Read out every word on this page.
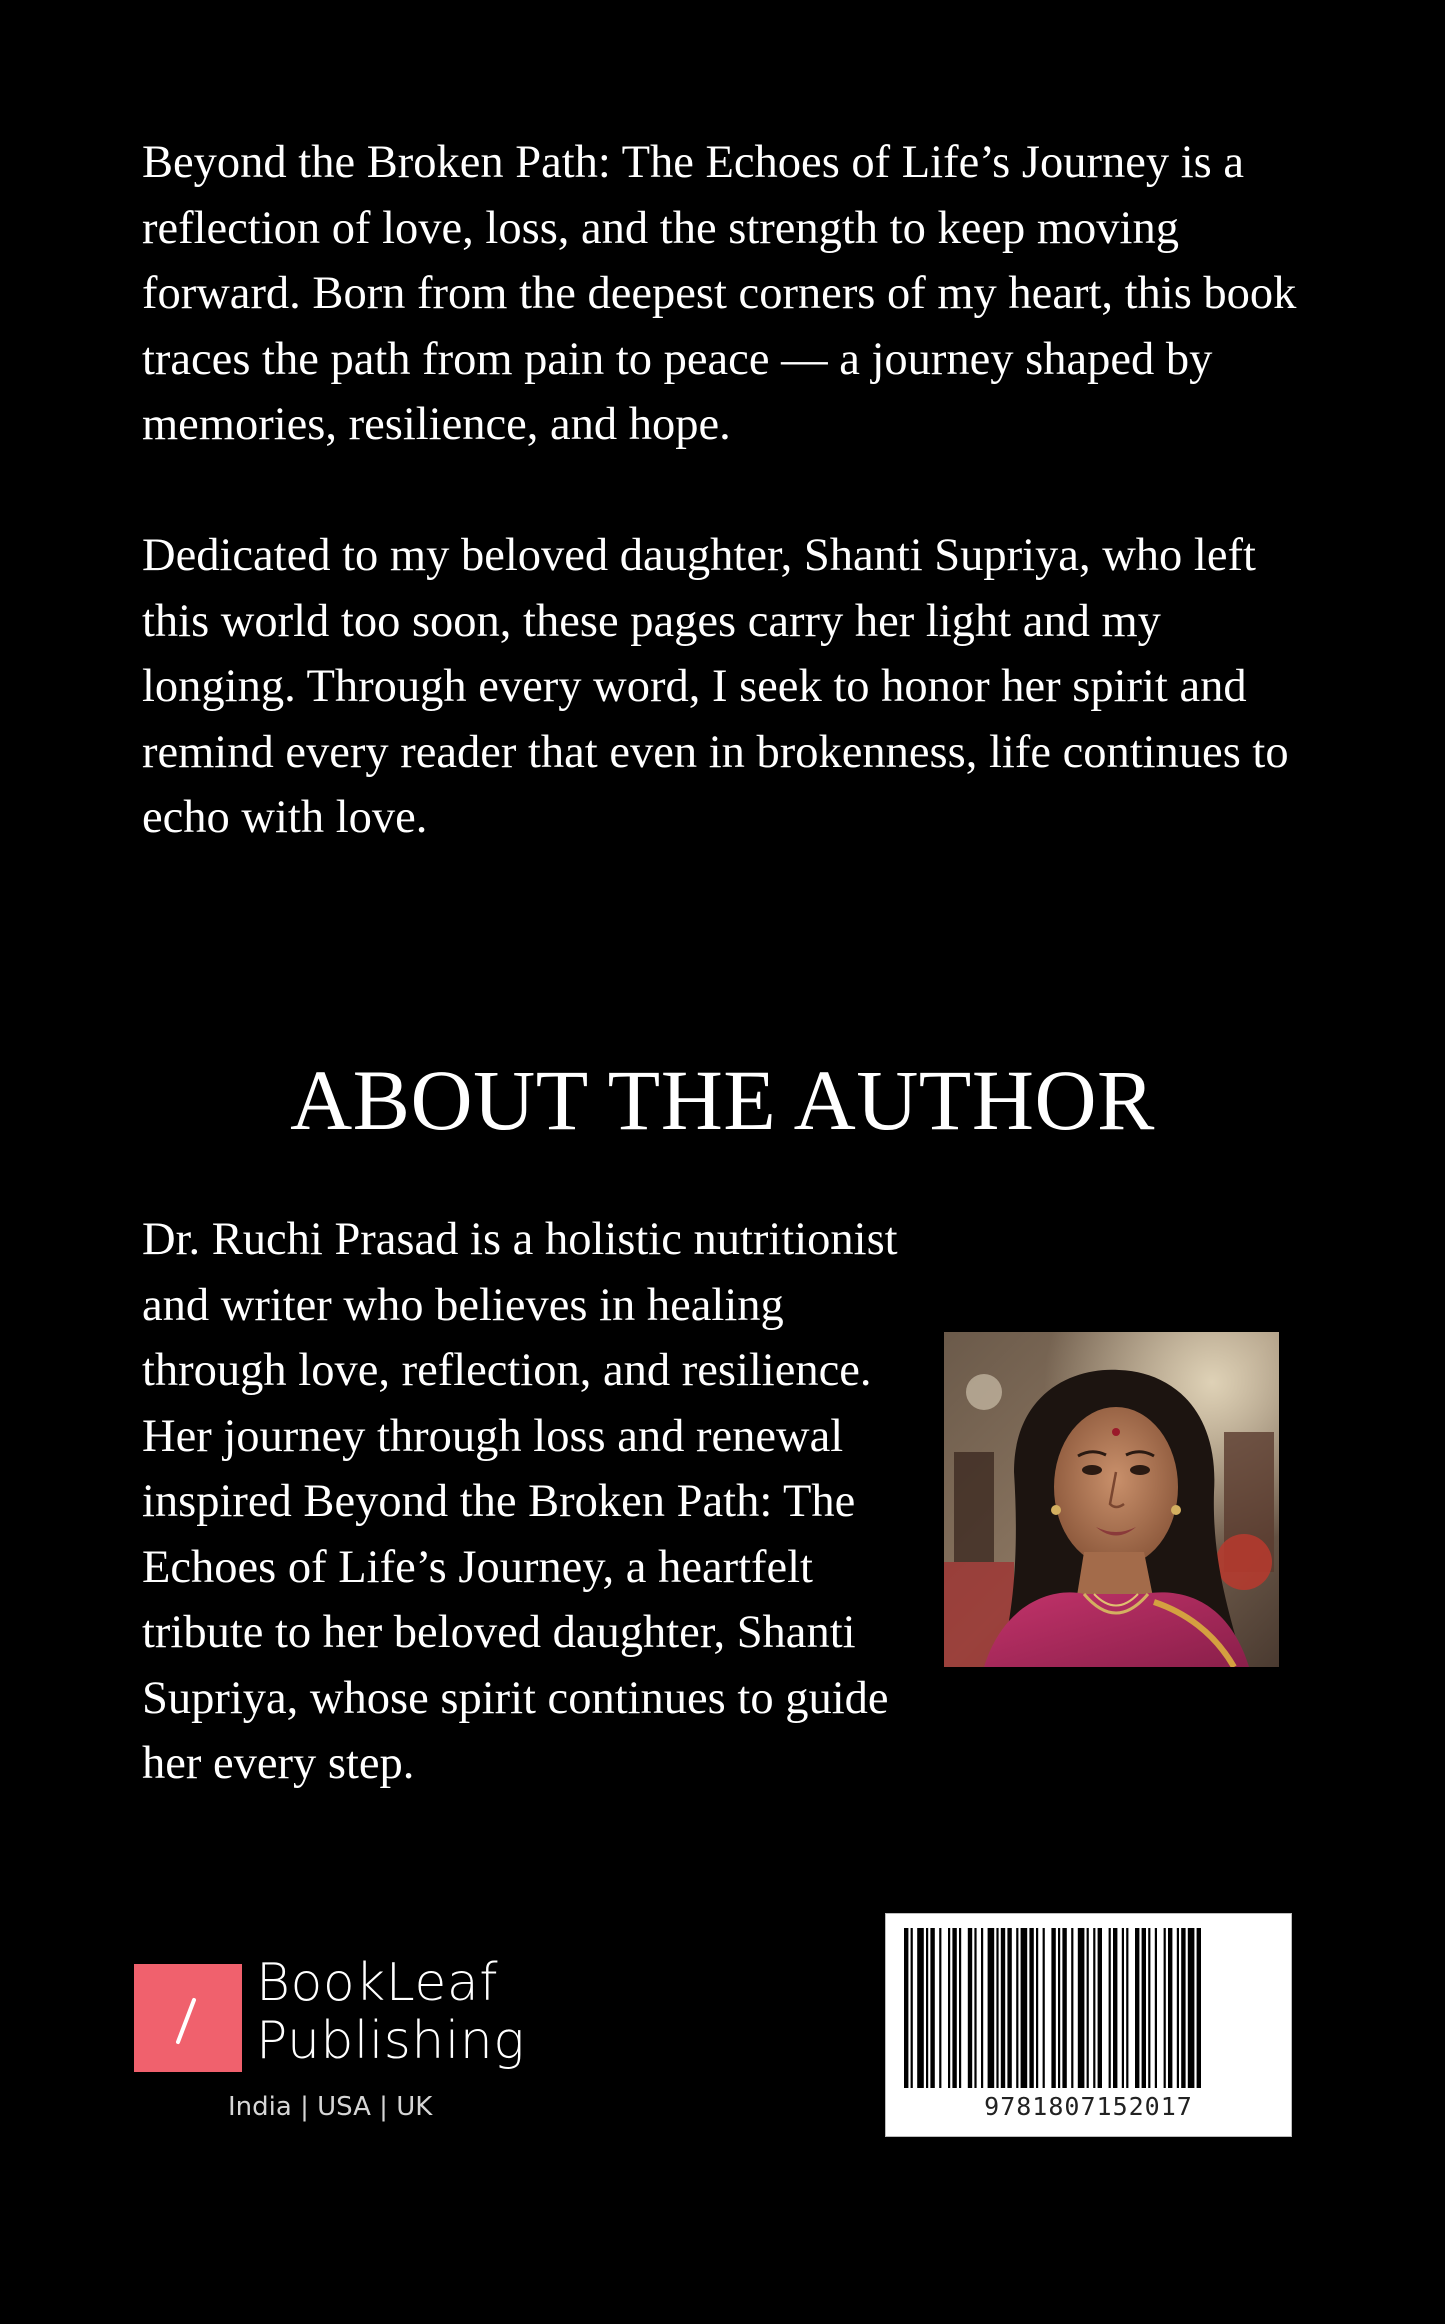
Beyond the Broken Path: The Echoes of Life’s Journey is a reflection of love, loss, and the strength to keep moving forward. Born from the deepest corners of my heart, this book traces the path from pain to peace — a journey shaped by memories, resilience, and hope.

Dedicated to my beloved daughter, Shanti Supriya, who left this world too soon, these pages carry her light and my longing. Through every word, I seek to honor her spirit and remind every reader that even in brokenness, life continues to echo with love.

ABOUT THE AUTHOR

Dr. Ruchi Prasad is a holistic nutritionist and writer who believes in healing through love, reflection, and resilience. Her journey through loss and renewal inspired Beyond the Broken Path: The Echoes of Life’s Journey, a heartfelt tribute to her beloved daughter, Shanti Supriya, whose spirit continues to guide her every step.

BookLeaf
Publishing
India | USA | UK	9781807152017
